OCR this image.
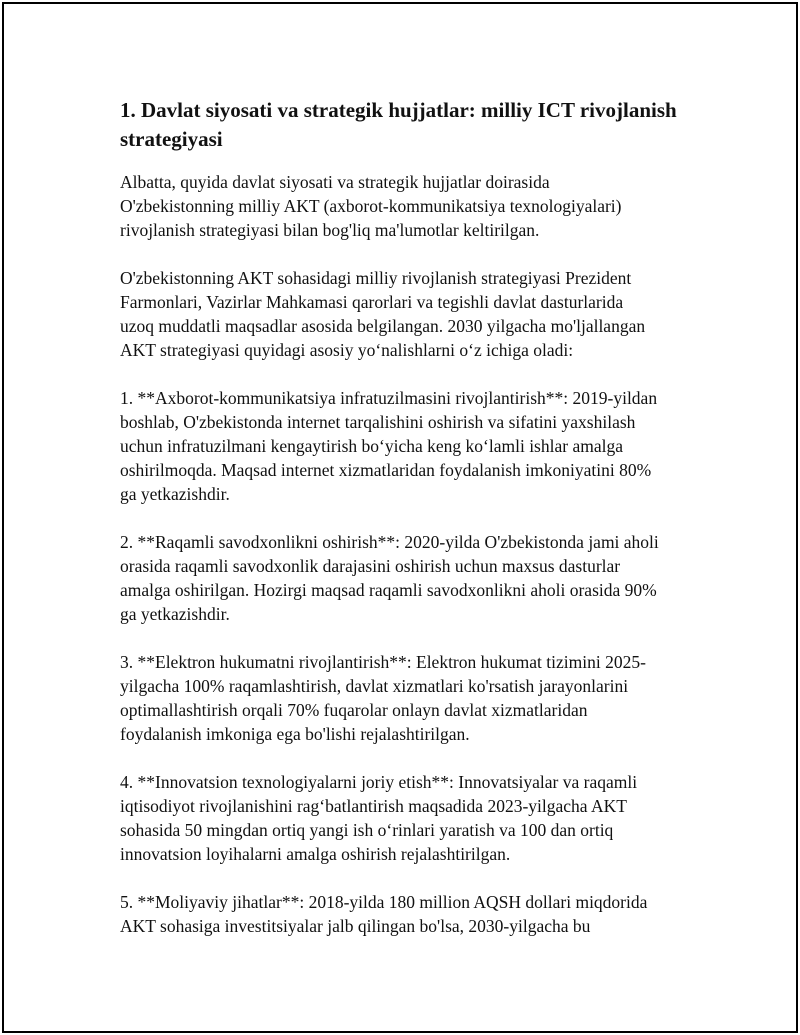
1. Davlat siyosati va strategik hujjatlar: milliy ICT rivojlanish
strategiyasi

Albatta, quyida davlat siyosati va strategik hujjatlar doirasida
O'zbekistonning milliy AKT (axborot-kommunikatsiya texnologiyalari)
rivojlanish strategiyasi bilan bog'liq ma'lumotlar keltirilgan.

O'zbekistonning AKT sohasidagi milliy rivojlanish strategiyasi Prezident
Farmonlari, Vazirlar Mahkamasi qarorlari va tegishli davlat dasturlarida
uzoq muddatli maqsadlar asosida belgilangan. 2030 yilgacha mo'ljallangan
AKT strategiyasi quyidagi asosiy yo‘nalishlarni o‘z ichiga oladi:

1. **Axborot-kommunikatsiya infratuzilmasini rivojlantirish**: 2019-yildan
boshlab, O'zbekistonda internet tarqalishini oshirish va sifatini yaxshilash
uchun infratuzilmani kengaytirish bo‘yicha keng ko‘lamli ishlar amalga
oshirilmoqda. Maqsad internet xizmatlaridan foydalanish imkoniyatini 80%
ga yetkazishdir.

2. **Raqamli savodxonlikni oshirish**: 2020-yilda O'zbekistonda jami aholi
orasida raqamli savodxonlik darajasini oshirish uchun maxsus dasturlar
amalga oshirilgan. Hozirgi maqsad raqamli savodxonlikni aholi orasida 90%
ga yetkazishdir.

3. **Elektron hukumatni rivojlantirish**: Elektron hukumat tizimini 2025-
yilgacha 100% raqamlashtirish, davlat xizmatlari ko'rsatish jarayonlarini
optimallashtirish orqali 70% fuqarolar onlayn davlat xizmatlaridan
foydalanish imkoniga ega bo'lishi rejalashtirilgan.

4. **Innovatsion texnologiyalarni joriy etish**: Innovatsiyalar va raqamli
iqtisodiyot rivojlanishini rag‘batlantirish maqsadida 2023-yilgacha AKT
sohasida 50 mingdan ortiq yangi ish o‘rinlari yaratish va 100 dan ortiq
innovatsion loyihalarni amalga oshirish rejalashtirilgan.

5. **Moliyaviy jihatlar**: 2018-yilda 180 million AQSH dollari miqdorida
AKT sohasiga investitsiyalar jalb qilingan bo'lsa, 2030-yilgacha bu
